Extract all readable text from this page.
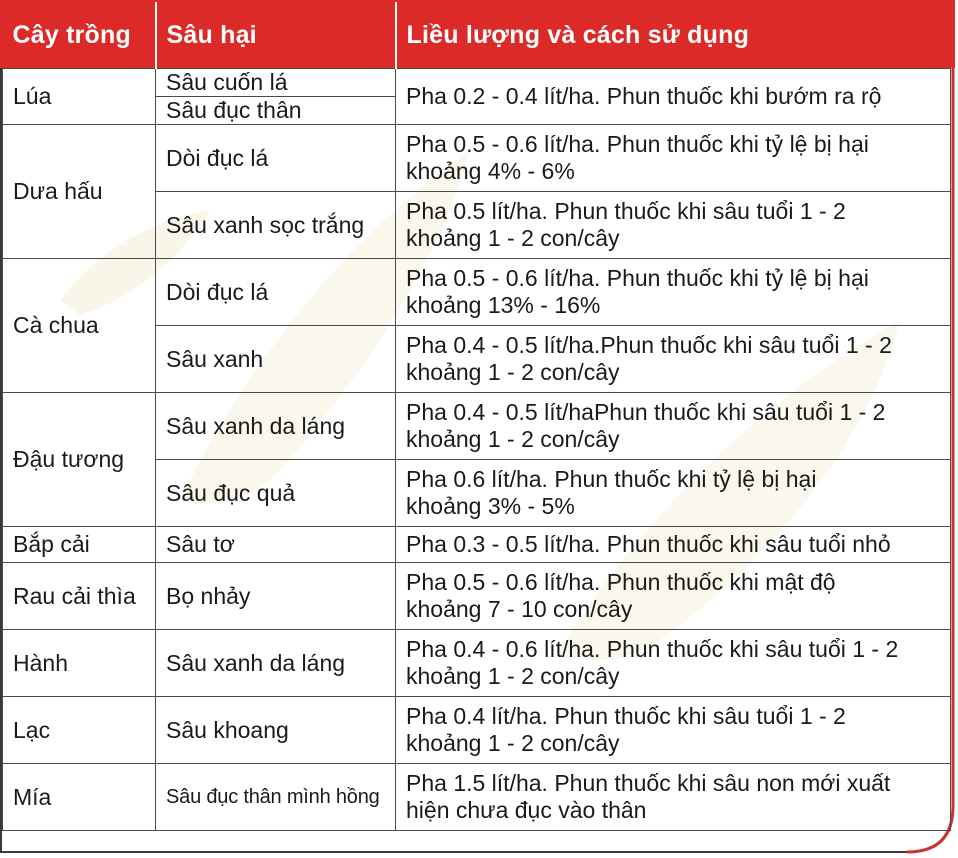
Cây trồng	Sâu hại	Liều lượng và cách sử dụng
Lúa	Sâu cuốn lá	Pha 0.2 - 0.4 lít/ha. Phun thuốc khi bướm ra rộ
	Sâu đục thân	
Dưa hấu	Dòi đục lá	Pha 0.5 - 0.6 lít/ha. Phun thuốc khi tỷ lệ bị hại
khoảng 4% - 6%
	Sâu xanh sọc trắng	Pha 0.5 lít/ha. Phun thuốc khi sâu tuổi 1 - 2
khoảng 1 - 2 con/cây
Cà chua	Dòi đục lá	Pha 0.5 - 0.6 lít/ha. Phun thuốc khi tỷ lệ bị hại
khoảng 13% - 16%
	Sâu xanh	Pha 0.4 - 0.5 lít/ha.Phun thuốc khi sâu tuổi 1 - 2
khoảng 1 - 2 con/cây
Đậu tương	Sâu xanh da láng	Pha 0.4 - 0.5 lít/haPhun thuốc khi sâu tuổi 1 - 2
khoảng 1 - 2 con/cây
	Sâu đục quả	Pha 0.6 lít/ha. Phun thuốc khi tỷ lệ bị hại
khoảng 3% - 5%
Bắp cải	Sâu tơ	Pha 0.3 - 0.5 lít/ha. Phun thuốc khi sâu tuổi nhỏ
Rau cải thìa	Bọ nhảy	Pha 0.5 - 0.6 lít/ha. Phun thuốc khi mật độ
khoảng 7 - 10 con/cây
Hành	Sâu xanh da láng	Pha 0.4 - 0.6 lít/ha. Phun thuốc khi sâu tuổi 1 - 2
khoảng 1 - 2 con/cây
Lạc	Sâu khoang	Pha 0.4 lít/ha. Phun thuốc khi sâu tuổi 1 - 2
khoảng 1 - 2 con/cây
Mía	Sâu đục thân mình hồng	Pha 1.5 lít/ha. Phun thuốc khi sâu non mới xuất
hiện chưa đục vào thân
